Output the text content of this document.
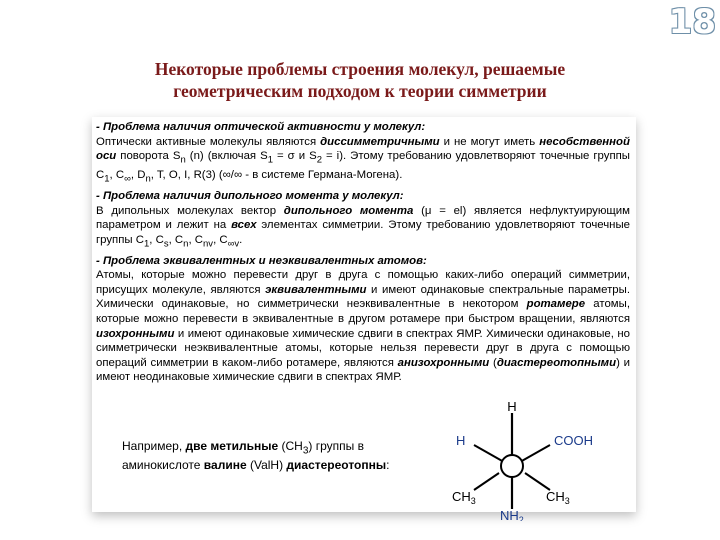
18
Некоторые проблемы строения молекул, решаемые
геометрическим подходом к теории симметрии

- Проблема наличия оптической активности у молекул:
Оптически активные молекулы являются диссимметричными и не могут иметь несобственной оси поворота $S_n$ (n) (включая $S_1 = \sigma$ и $S_2 = i$). Этому требованию удовлетворяют точечные группы $C_1$, $C_\infty$, $D_n$, T, O, I, R(3) (∞/∞ - в системе Германа-Могена).

- Проблема наличия дипольного момента у молекул:
В дипольных молекулах вектор дипольного момента (μ = el) является нефлуктуирующим параметром и лежит на всех элементах симметрии. Этому требованию удовлетворяют точечные группы $C_1$, $C_s$, $C_n$, $C_{nv}$, $C_{\infty v}$.

- Проблема эквивалентных и неэквивалентных атомов:
Атомы, которые можно перевести друг в друга с помощью каких-либо операций симметрии, присущих молекуле, являются эквивалентными и имеют одинаковые спектральные параметры. Химически одинаковые, но симметрически неэквивалентные в некотором ротамере атомы, которые можно перевести в эквивалентные в другом ротамере при быстром вращении, являются изохронными и имеют одинаковые химические сдвиги в спектрах ЯМР. Химически одинаковые, но симметрически неэквивалентные атомы, которые нельзя перевести друг в друга с помощью операций симметрии в каком-либо ротамере, являются анизохронными (диастереотопными) и имеют неодинаковые химические сдвиги в спектрах ЯМР.

Например, две метильные $(CH_3)$ группы в аминокислоте валине (ValH) диастереотопны:
H
H	COOH
$CH_3$	$CH_3$
$NH_2$
